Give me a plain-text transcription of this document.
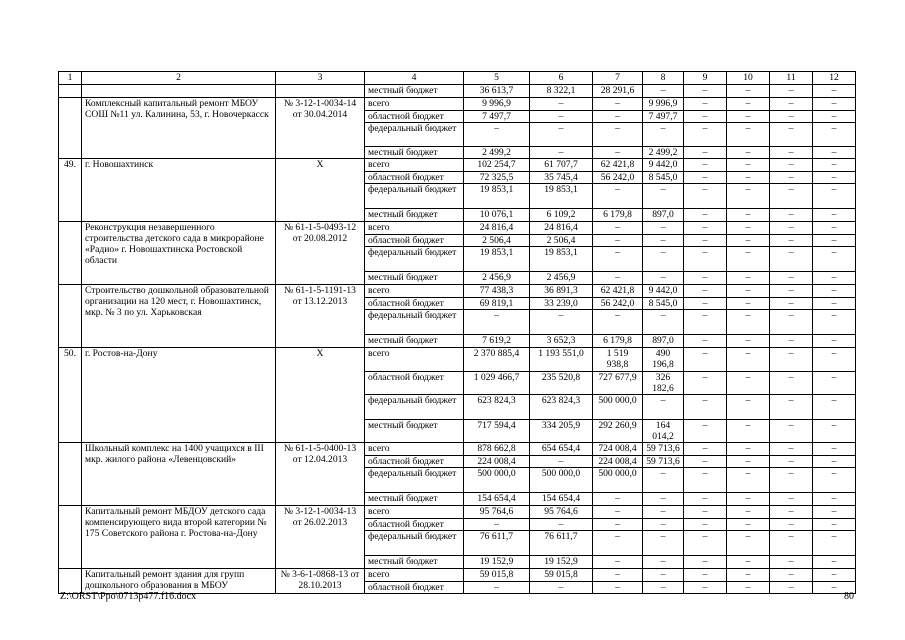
1	2	3	4	5	6	7	8	9	10	11	12
			местный бюджет	36 613,7	8 322,1	28 291,6	–	–	–	–	–
	Комплексный капитальный ремонт МБОУ СОШ №11 ул. Калинина, 53, г. Новочеркасск	№ 3-12-1-0034-14 от 30.04.2014	всего	9 996,9	–	–	9 996,9	–	–	–	–
			областной бюджет	7 497,7	–	–	7 497,7	–	–	–	–
			федеральный бюджет	–	–	–	–	–	–	–	–
			местный бюджет	2 499,2	–	–	2 499,2	–	–	–	–
49.	г. Новошахтинск	Х	всего	102 254,7	61 707,7	62 421,8	9 442,0	–	–	–	–
			областной бюджет	72 325,5	35 745,4	56 242,0	8 545,0	–	–	–	–
			федеральный бюджет	19 853,1	19 853,1	–	–	–	–	–	–
			местный бюджет	10 076,1	6 109,2	6 179,8	897,0	–	–	–	–
	Реконструкция незавершенного строительства детского сада в микрорайоне «Радио» г. Новошахтинска Ростовской области	№ 61-1-5-0493-12 от 20.08.2012	всего	24 816,4	24 816,4	–	–	–	–	–	–
			областной бюджет	2 506,4	2 506,4	–	–	–	–	–	–
			федеральный бюджет	19 853,1	19 853,1	–	–	–	–	–	–
			местный бюджет	2 456,9	2 456,9	–	–	–	–	–	–
	Строительство дошкольной образовательной организации на 120 мест, г. Новошахтинск, мкр. № 3 по ул. Харьковская	№ 61-1-5-1191-13 от 13.12.2013	всего	77 438,3	36 891,3	62 421,8	9 442,0	–	–	–	–
			областной бюджет	69 819,1	33 239,0	56 242,0	8 545,0	–	–	–	–
			федеральный бюджет	–	–	–	–	–	–	–	–
			местный бюджет	7 619,2	3 652,3	6 179,8	897,0	–	–	–	–
50.	г. Ростов-на-Дону	Х	всего	2 370 885,4	1 193 551,0	1 519 938,8	490 196,8	–	–	–	–
			областной бюджет	1 029 466,7	235 520,8	727 677,9	326 182,6	–	–	–	–
			федеральный бюджет	623 824,3	623 824,3	500 000,0	–	–	–	–	–
			местный бюджет	717 594,4	334 205,9	292 260,9	164 014,2	–	–	–	–
	Школьный комплекс на 1400 учащихся в III мкр. жилого района «Левенцовский»	№ 61-1-5-0400-13 от 12.04.2013	всего	878 662,8	654 654,4	724 008,4	59 713,6	–	–	–	–
			областной бюджет	224 008,4	–	224 008,4	59 713,6	–	–	–	–
			федеральный бюджет	500 000,0	500 000,0	500 000,0	–	–	–	–	–
			местный бюджет	154 654,4	154 654,4	–	–	–	–	–	–
	Капитальный ремонт МБДОУ детского сада компенсирующего вида второй категории № 175 Советского района г. Ростова-на-Дону	№ 3-12-1-0034-13 от 26.02.2013	всего	95 764,6	95 764,6	–	–	–	–	–	–
			областной бюджет	–	–	–	–	–	–	–	–
			федеральный бюджет	76 611,7	76 611,7	–	–	–	–	–	–
			местный бюджет	19 152,9	19 152,9	–	–	–	–	–	–
	Капитальный ремонт здания для групп дошкольного образования в МБОУ	№ 3-6-1-0868-13 от 28.10.2013	всего	59 015,8	59 015,8	–	–	–	–	–	–
			областной бюджет	–	–	–	–	–	–	–	–
Z:\ORST\Ppo\0713p477.f16.docx	80
